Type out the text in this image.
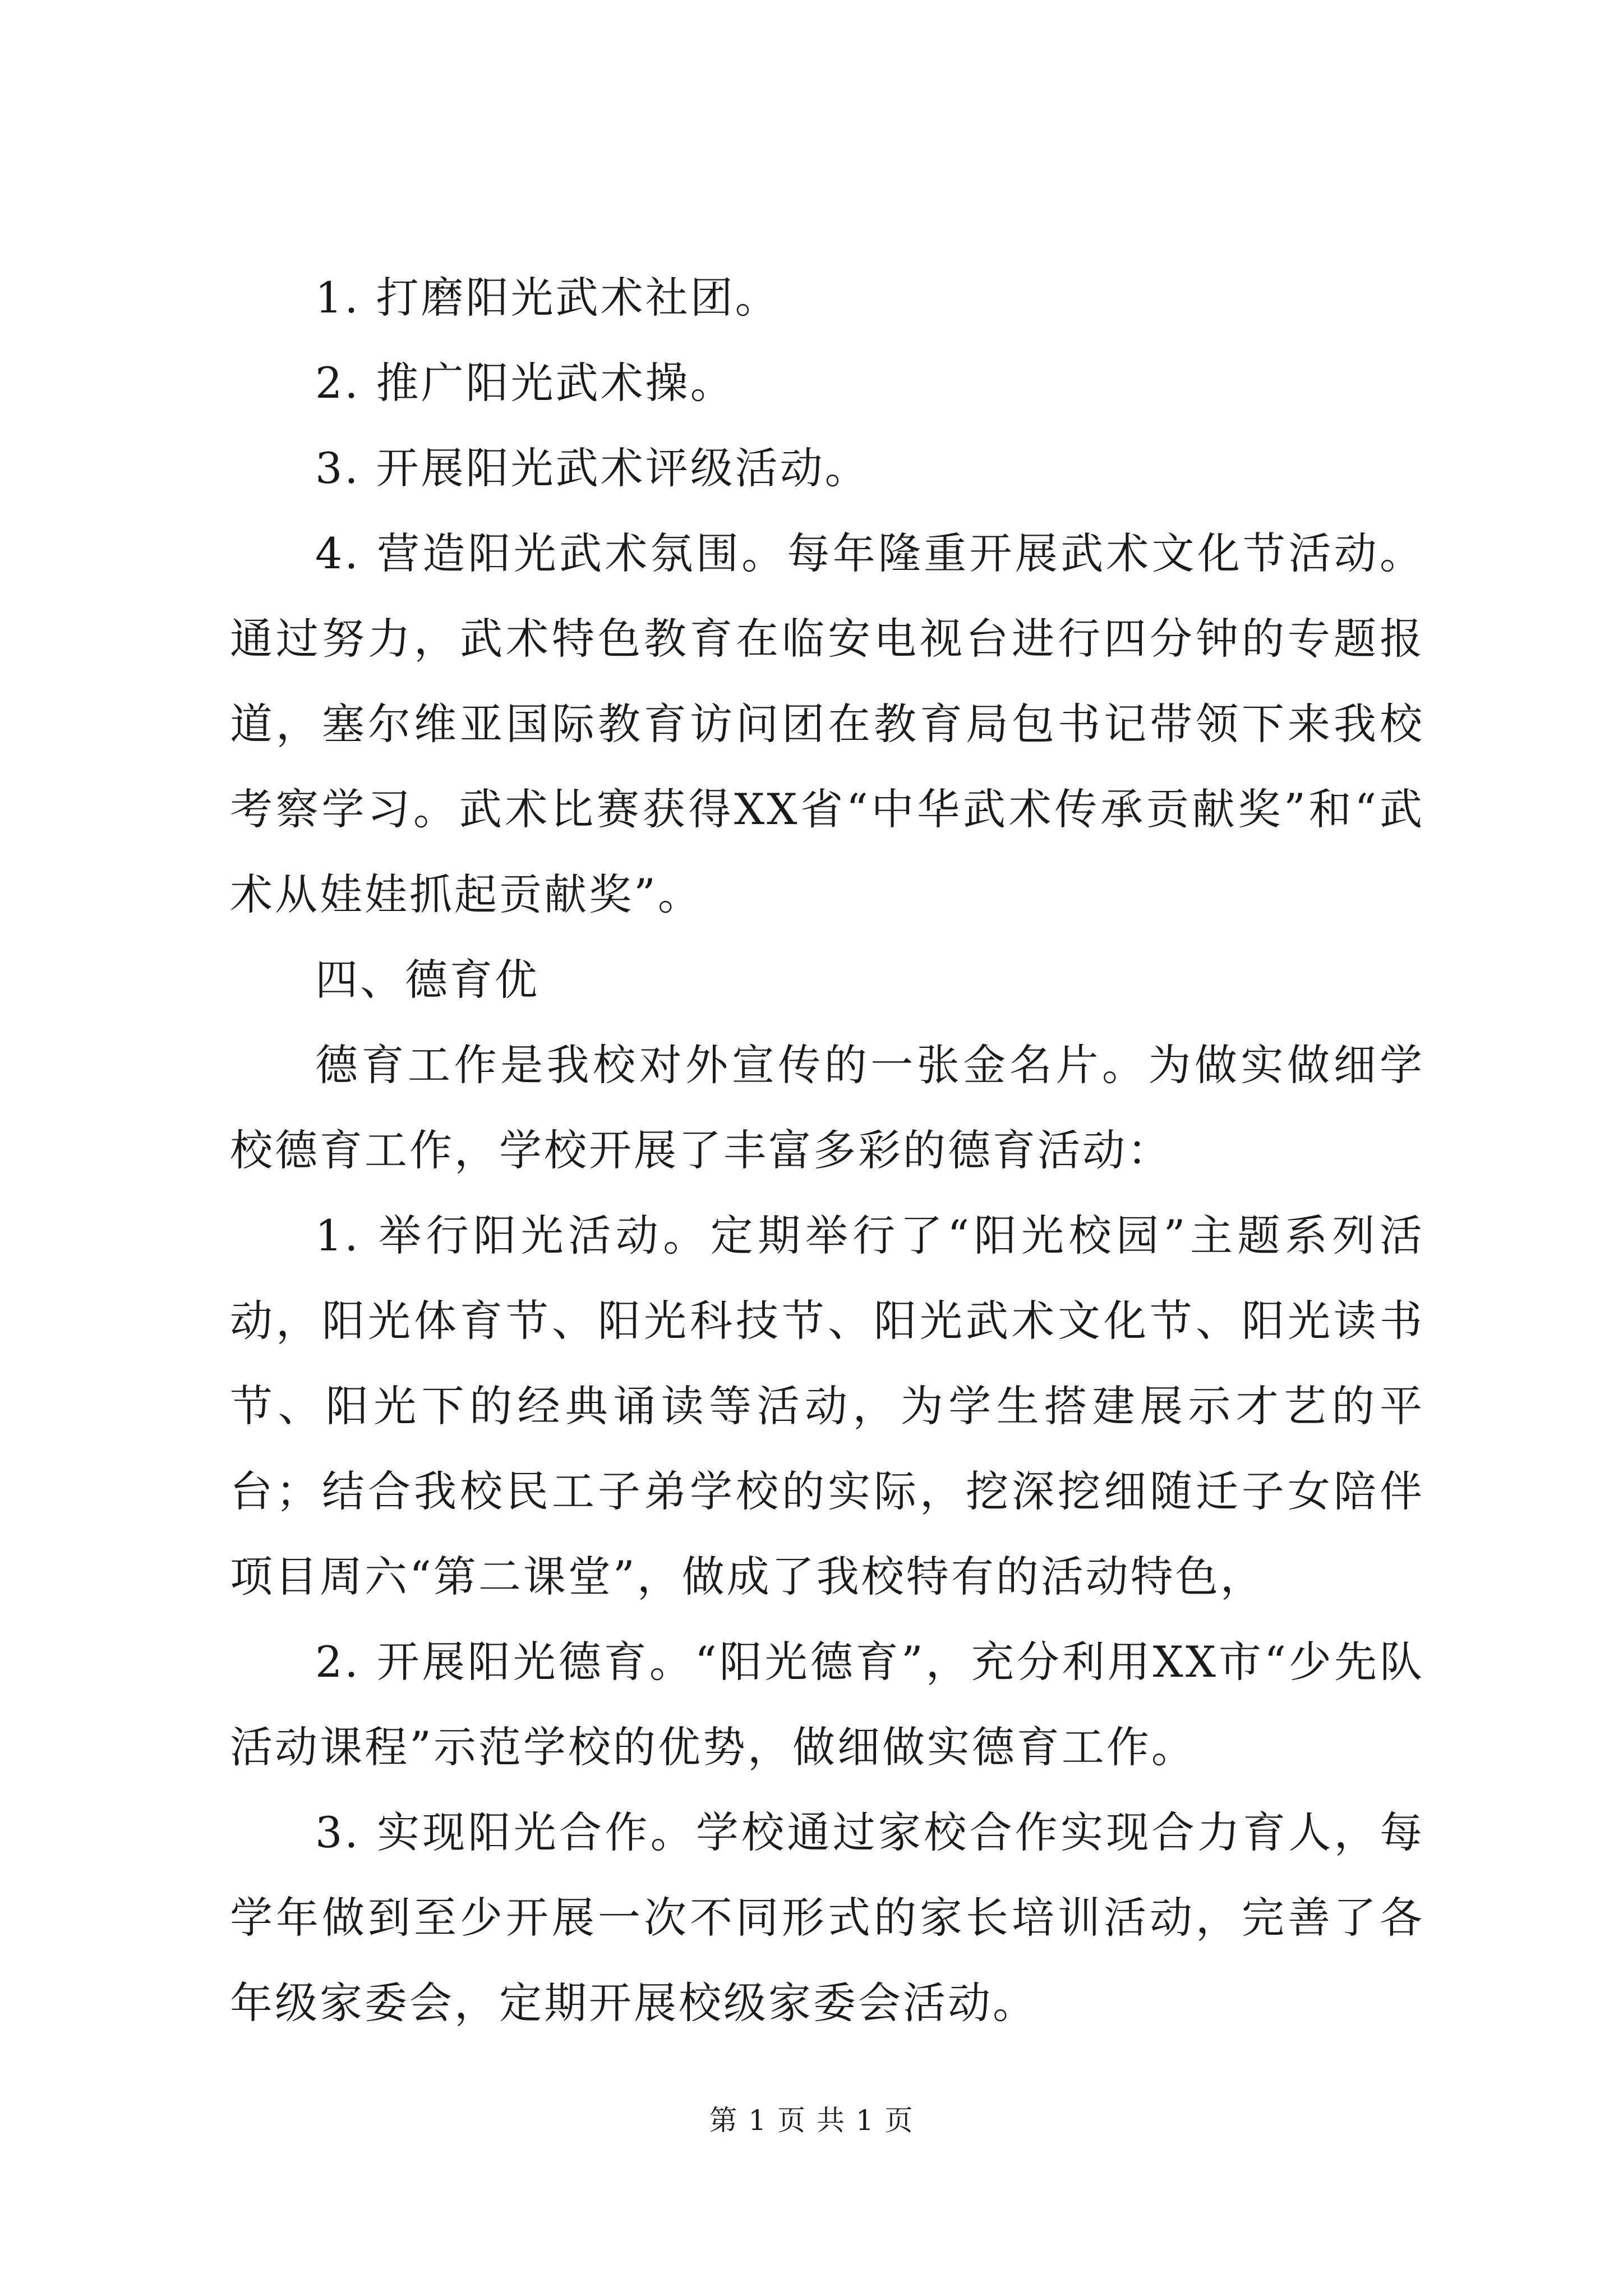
1. 打磨阳光武术社团。

2. 推广阳光武术操。

3. 开展阳光武术评级活动。

4. 营造阳光武术氛围。每年隆重开展武术文化节活动。通过努力，武术特色教育在临安电视台进行四分钟的专题报道，塞尔维亚国际教育访问团在教育局包书记带领下来我校考察学习。武术比赛获得XX省“中华武术传承贡献奖”和“武术从娃娃抓起贡献奖”。

四、德育优

德育工作是我校对外宣传的一张金名片。为做实做细学校德育工作，学校开展了丰富多彩的德育活动：

1. 举行阳光活动。定期举行了“阳光校园”主题系列活动，阳光体育节、阳光科技节、阳光武术文化节、阳光读书节、阳光下的经典诵读等活动，为学生搭建展示才艺的平台；结合我校民工子弟学校的实际，挖深挖细随迁子女陪伴项目周六“第二课堂”，做成了我校特有的活动特色，

2. 开展阳光德育。“阳光德育”，充分利用XX市“少先队活动课程”示范学校的优势，做细做实德育工作。

3. 实现阳光合作。学校通过家校合作实现合力育人，每学年做到至少开展一次不同形式的家长培训活动，完善了各年级家委会，定期开展校级家委会活动。

第 1 页 共 1 页
